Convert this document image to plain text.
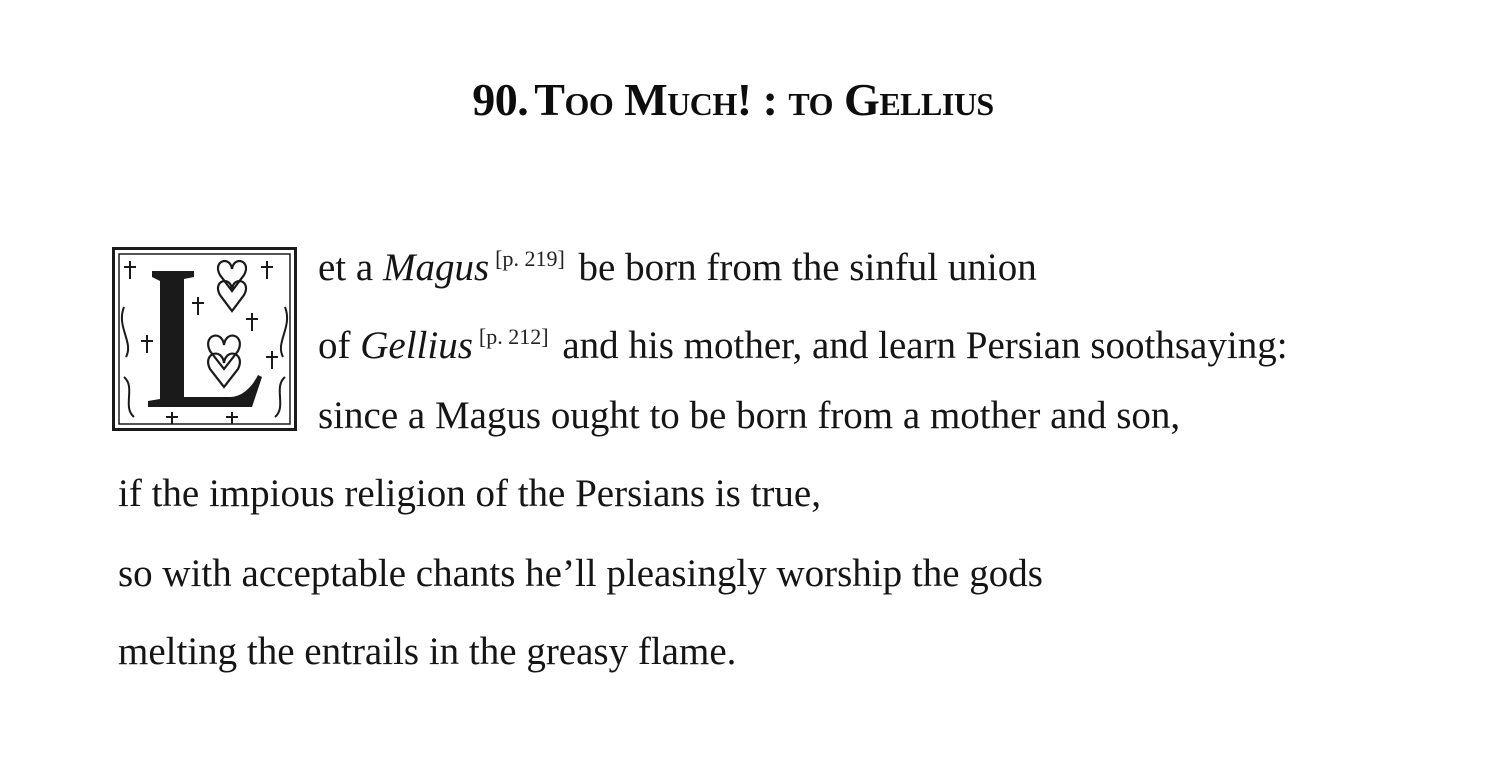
90. Too Much! : to Gellius
et a Magus [p. 219] be born from the sinful union
of Gellius [p. 212] and his mother, and learn Persian soothsaying:
since a Magus ought to be born from a mother and son,
if the impious religion of the Persians is true,
so with acceptable chants he’ll pleasingly worship the gods
melting the entrails in the greasy flame.
